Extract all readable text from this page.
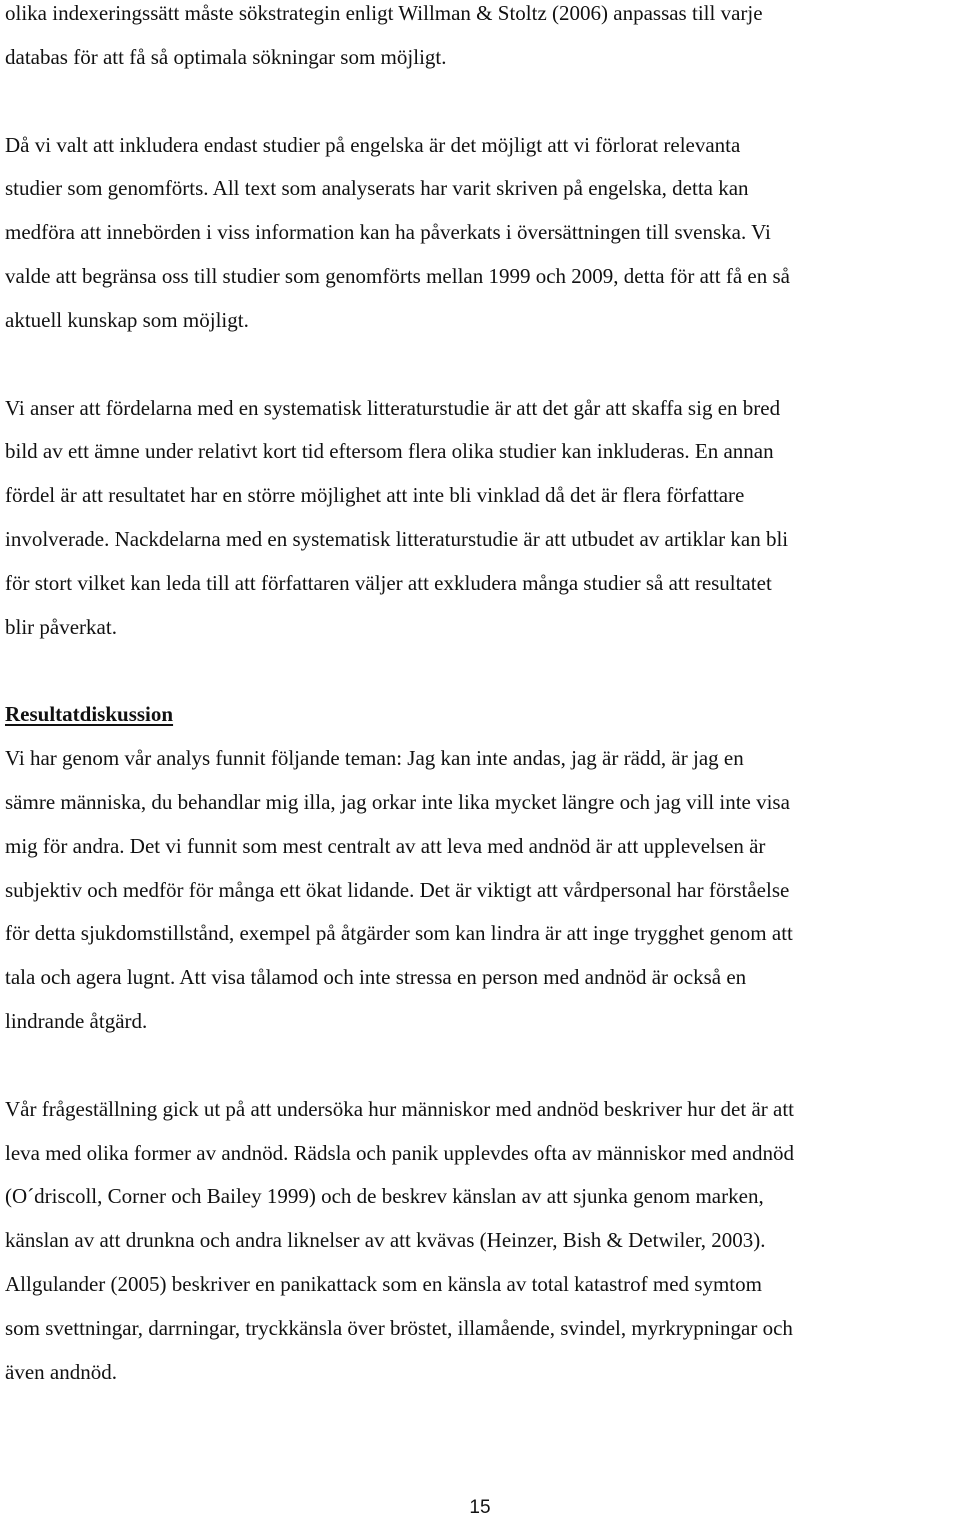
olika indexeringssätt måste sökstrategin enligt Willman & Stoltz (2006) anpassas till varje
databas för att få så optimala sökningar som möjligt.
Då vi valt att inkludera endast studier på engelska är det möjligt att vi förlorat relevanta
studier som genomförts. All text som analyserats har varit skriven på engelska, detta kan
medföra att innebörden i viss information kan ha påverkats i översättningen till svenska. Vi
valde att begränsa oss till studier som genomförts mellan 1999 och 2009, detta för att få en så
aktuell kunskap som möjligt.
Vi anser att fördelarna med en systematisk litteraturstudie är att det går att skaffa sig en bred
bild av ett ämne under relativt kort tid eftersom flera olika studier kan inkluderas. En annan
fördel är att resultatet har en större möjlighet att inte bli vinklad då det är flera författare
involverade. Nackdelarna med en systematisk litteraturstudie är att utbudet av artiklar kan bli
för stort vilket kan leda till att författaren väljer att exkludera många studier så att resultatet
blir påverkat.
Resultatdiskussion
Vi har genom vår analys funnit följande teman: Jag kan inte andas, jag är rädd, är jag en
sämre människa, du behandlar mig illa, jag orkar inte lika mycket längre och jag vill inte visa
mig för andra. Det vi funnit som mest centralt av att leva med andnöd är att upplevelsen är
subjektiv och medför för många ett ökat lidande. Det är viktigt att vårdpersonal har förståelse
för detta sjukdomstillstånd, exempel på åtgärder som kan lindra är att inge trygghet genom att
tala och agera lugnt. Att visa tålamod och inte stressa en person med andnöd är också en
lindrande åtgärd.
Vår frågeställning gick ut på att undersöka hur människor med andnöd beskriver hur det är att
leva med olika former av andnöd. Rädsla och panik upplevdes ofta av människor med andnöd
(O´driscoll, Corner och Bailey 1999) och de beskrev känslan av att sjunka genom marken,
känslan av att drunkna och andra liknelser av att kvävas (Heinzer, Bish & Detwiler, 2003).
Allgulander (2005) beskriver en panikattack som en känsla av total katastrof med symtom
som svettningar, darrningar, tryckkänsla över bröstet, illamående, svindel, myrkrypningar och
även andnöd.
15
